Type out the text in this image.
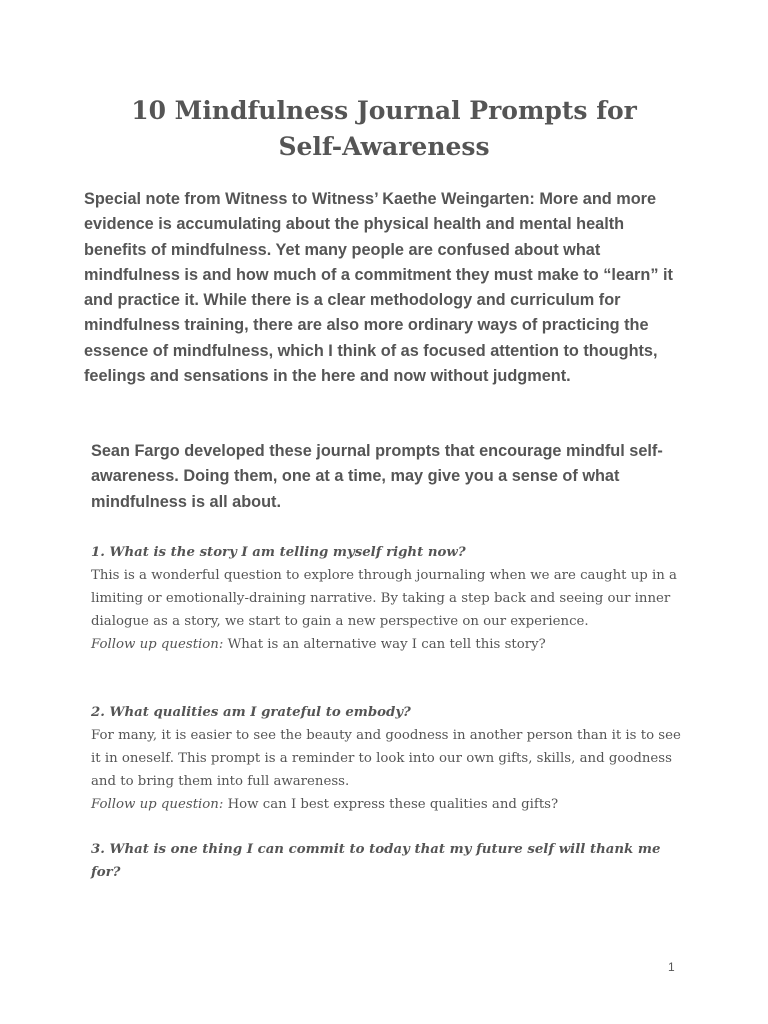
10 Mindfulness Journal Prompts for
Self-Awareness

Special note from Witness to Witness’ Kaethe Weingarten: More and more evidence is accumulating about the physical health and mental health benefits of mindfulness. Yet many people are confused about what mindfulness is and how much of a commitment they must make to “learn” it and practice it. While there is a clear methodology and curriculum for mindfulness training, there are also more ordinary ways of practicing the essence of mindfulness, which I think of as focused attention to thoughts, feelings and sensations in the here and now without judgment.

Sean Fargo developed these journal prompts that encourage mindful self-awareness. Doing them, one at a time, may give you a sense of what mindfulness is all about.

1. What is the story I am telling myself right now?

This is a wonderful question to explore through journaling when we are caught up in a limiting or emotionally-draining narrative. By taking a step back and seeing our inner dialogue as a story, we start to gain a new perspective on our experience.

Follow up question: What is an alternative way I can tell this story?

2. What qualities am I grateful to embody?

For many, it is easier to see the beauty and goodness in another person than it is to see it in oneself. This prompt is a reminder to look into our own gifts, skills, and goodness and to bring them into full awareness.

Follow up question: How can I best express these qualities and gifts?

3. What is one thing I can commit to today that my future self will thank me for?

1
